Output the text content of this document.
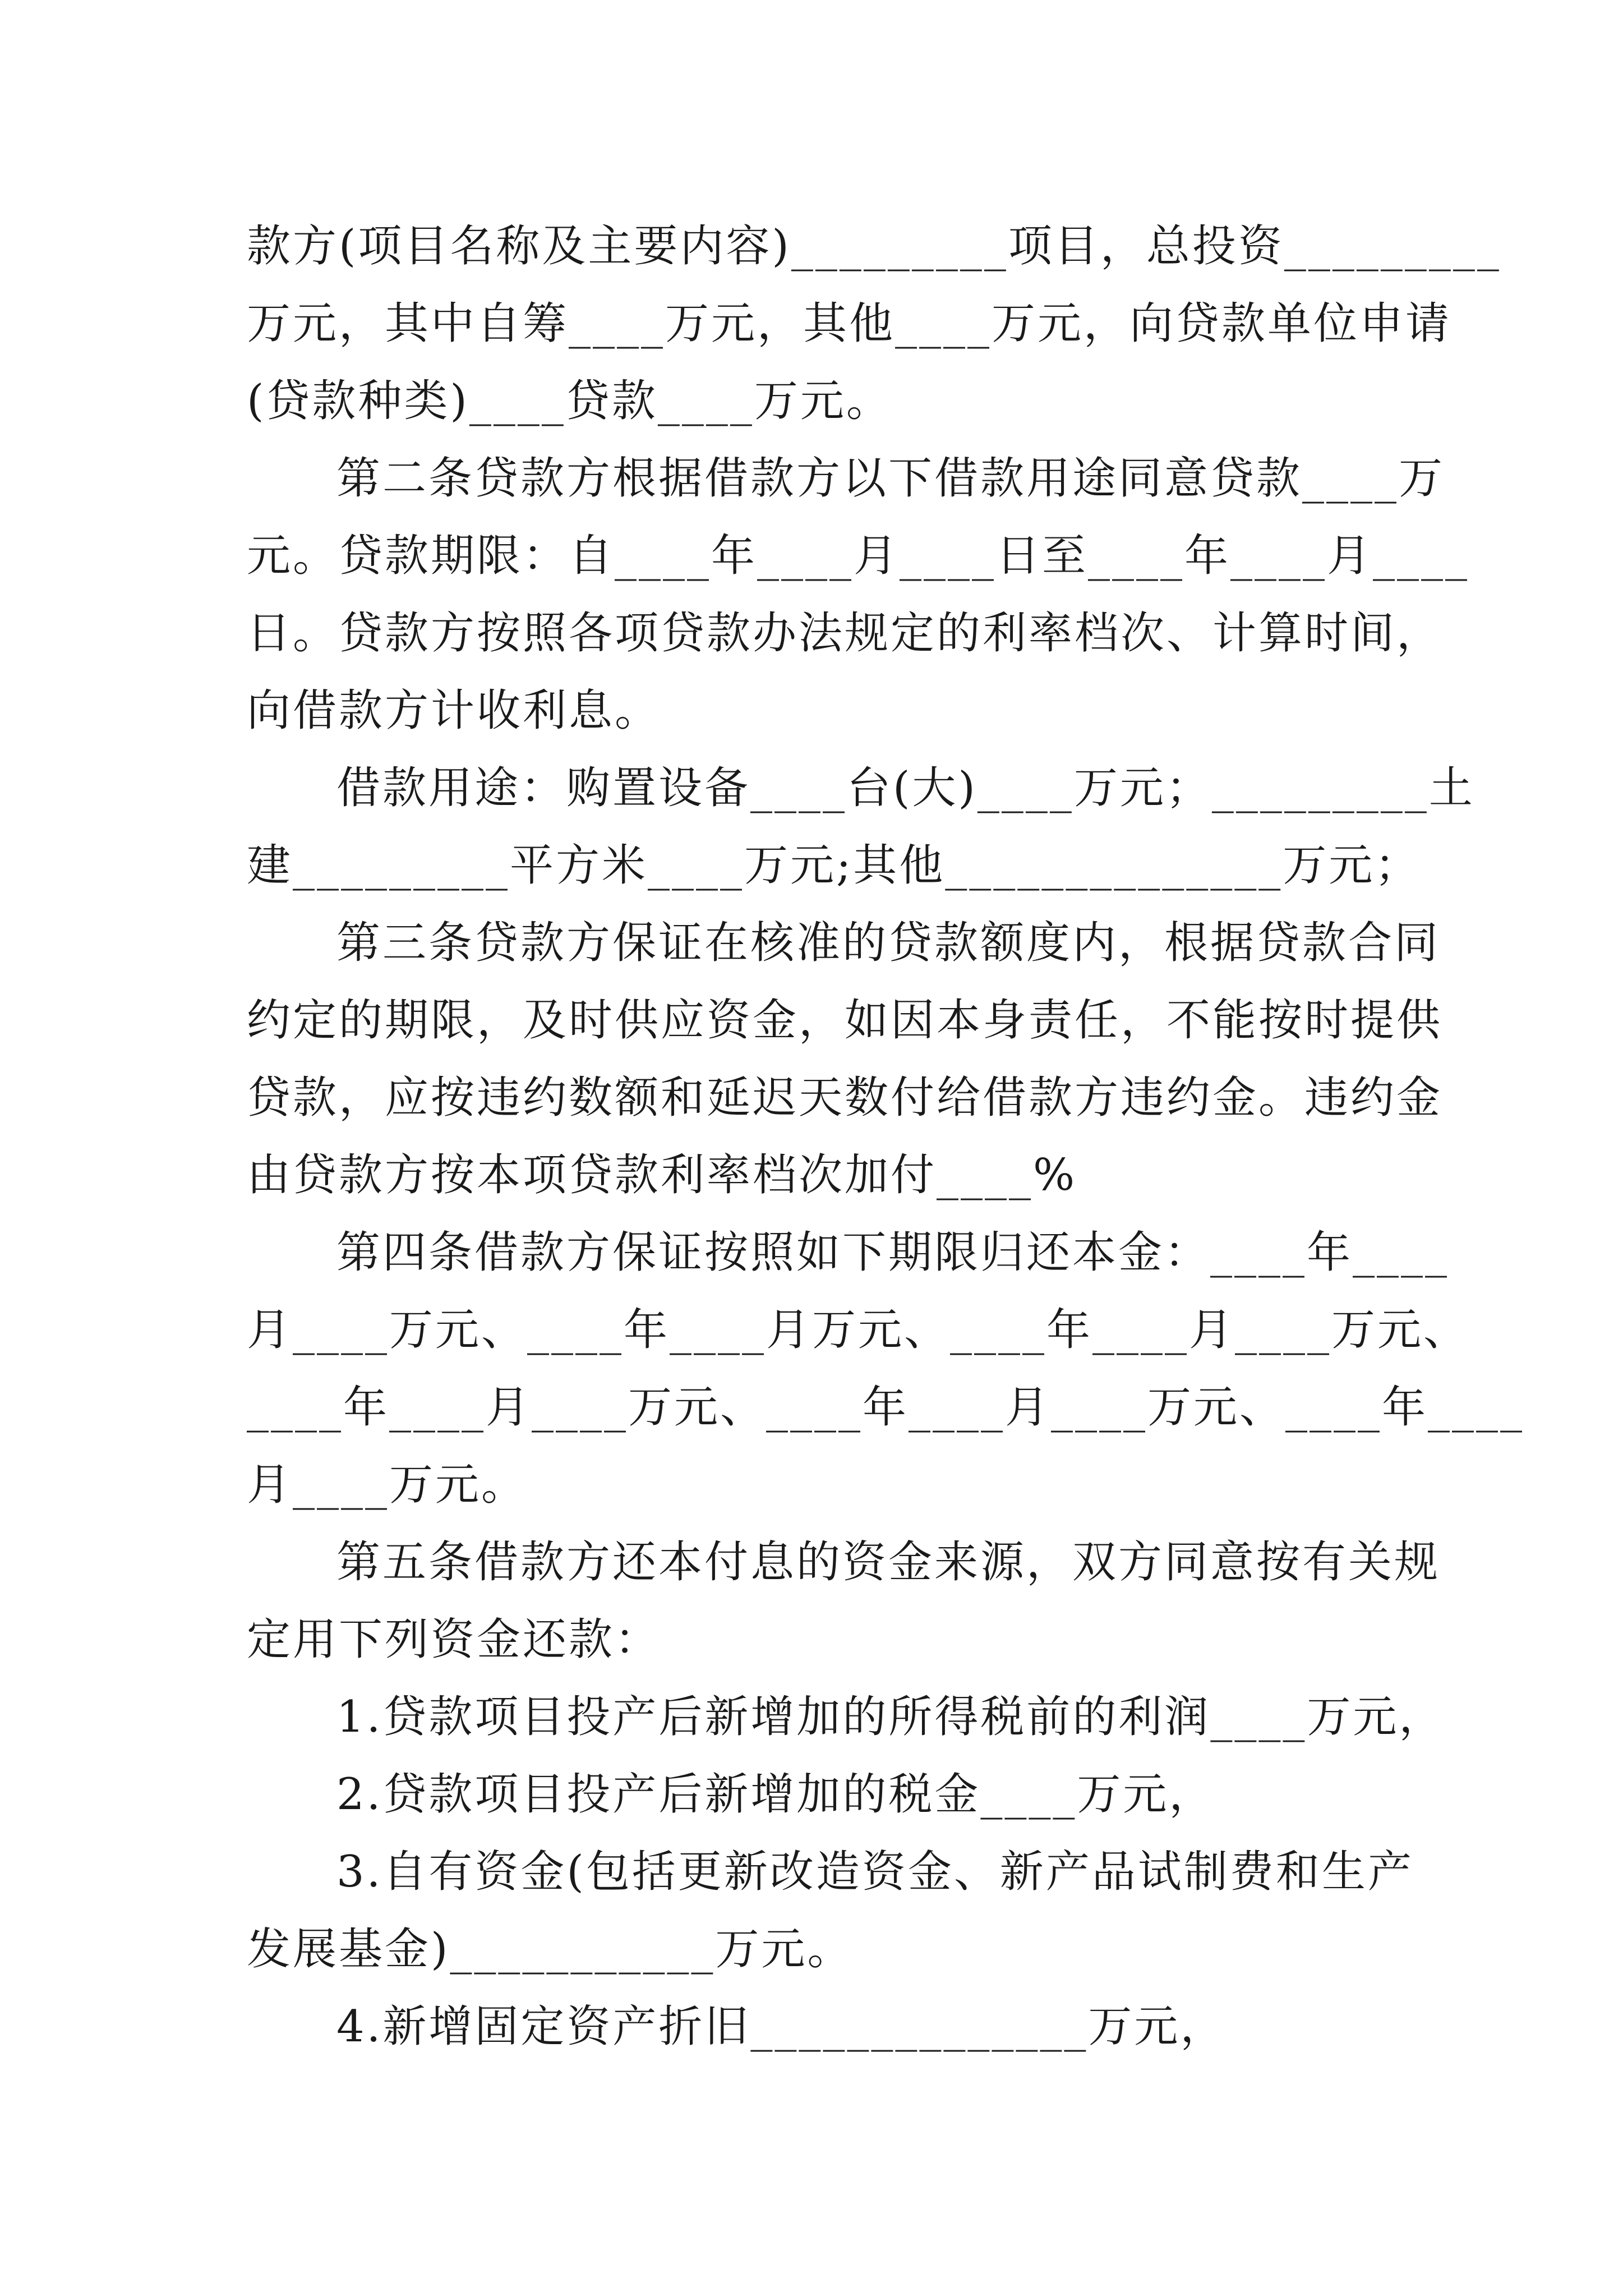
款方(项目名称及主要内容)_________项目，总投资_________
万元，其中自筹____万元，其他____万元，向贷款单位申请
(贷款种类)____贷款____万元。
第二条贷款方根据借款方以下借款用途同意贷款____万
元。贷款期限：自____年____月____日至____年____月____
日。贷款方按照各项贷款办法规定的利率档次、计算时间，
向借款方计收利息。
借款用途：购置设备____台(大)____万元；_________土
建_________平方米____万元;其他______________万元；
第三条贷款方保证在核准的贷款额度内，根据贷款合同
约定的期限，及时供应资金，如因本身责任，不能按时提供
贷款，应按违约数额和延迟天数付给借款方违约金。违约金
由贷款方按本项贷款利率档次加付____%
第四条借款方保证按照如下期限归还本金：____年____
月____万元、____年____月万元、____年____月____万元、
____年____月____万元、____年____月____万元、____年____
月____万元。
第五条借款方还本付息的资金来源，双方同意按有关规
定用下列资金还款：
1.贷款项目投产后新增加的所得税前的利润____万元，
2.贷款项目投产后新增加的税金____万元，
3.自有资金(包括更新改造资金、新产品试制费和生产
发展基金)___________万元。
4.新增固定资产折旧______________万元，
